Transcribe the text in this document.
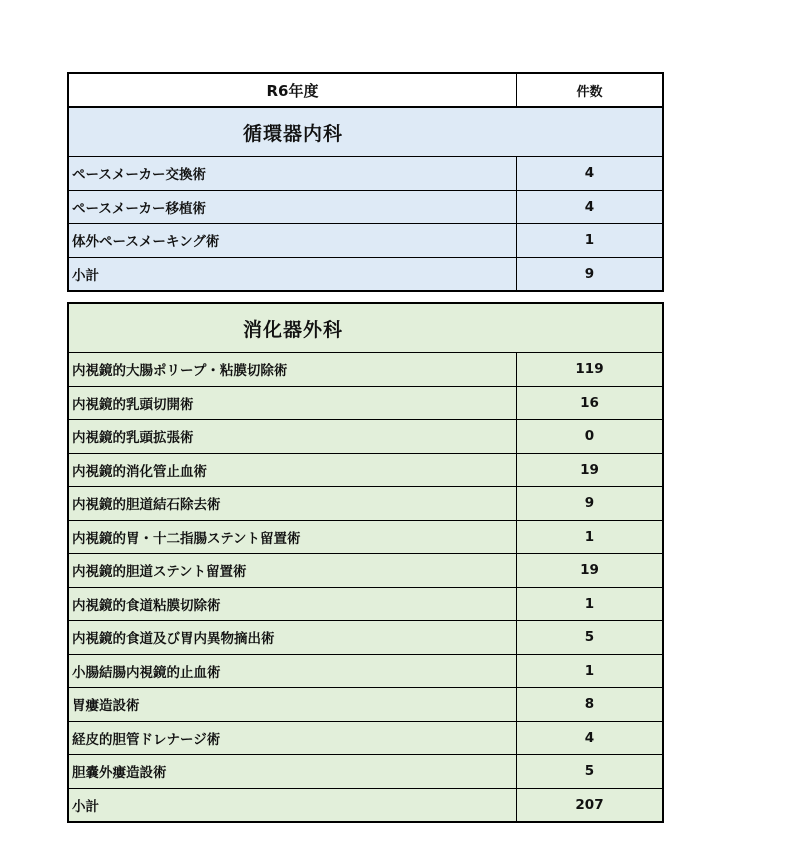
R6年度	件数
循環器内科
ペースメーカー交換術	4
ペースメーカー移植術	4
体外ペースメーキング術	1
小計	9
消化器外科
内視鏡的大腸ポリープ・粘膜切除術	119
内視鏡的乳頭切開術	16
内視鏡的乳頭拡張術	0
内視鏡的消化管止血術	19
内視鏡的胆道結石除去術	9
内視鏡的胃・十二指腸ステント留置術	1
内視鏡的胆道ステント留置術	19
内視鏡的食道粘膜切除術	1
内視鏡的食道及び胃内異物摘出術	5
小腸結腸内視鏡的止血術	1
胃瘻造設術	8
経皮的胆管ドレナージ術	4
胆嚢外瘻造設術	5
小計	207
